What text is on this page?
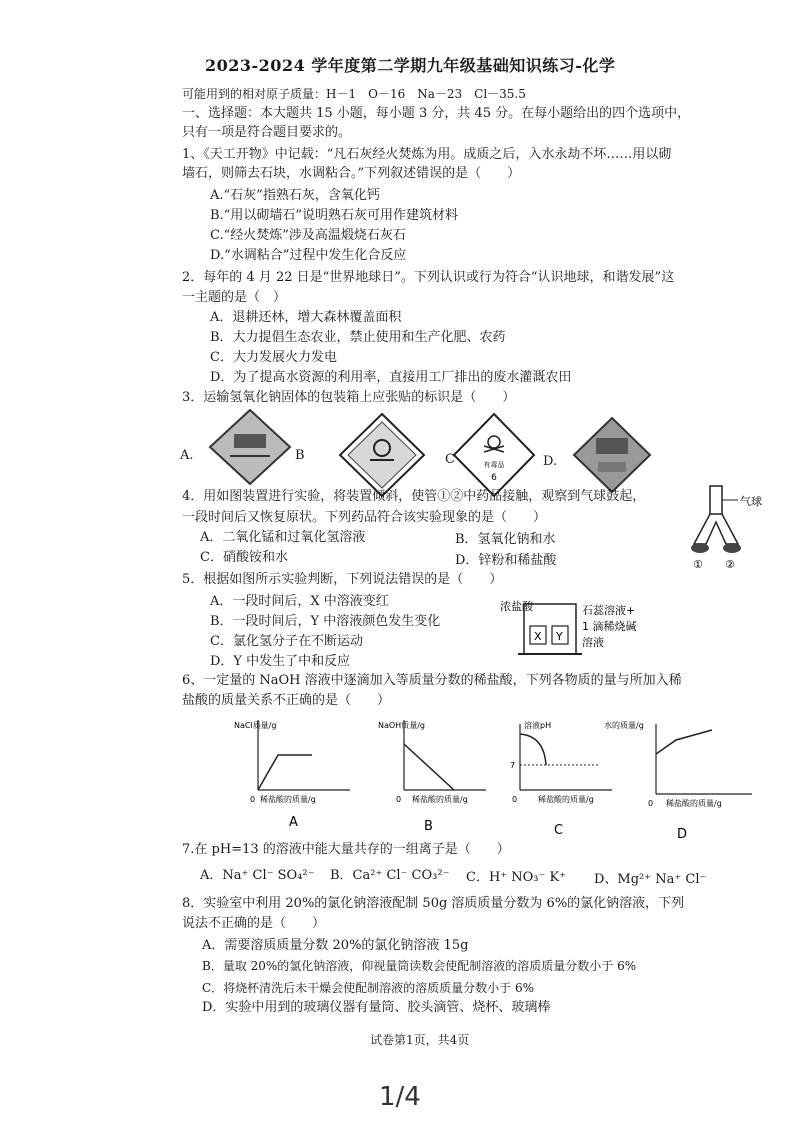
2023-2024 学年度第二学期九年级基础知识练习-化学
可能用到的相对原子质量：H－1　O－16　Na－23　Cl－35.5
一、选择题：本大题共 15 小题，每小题 3 分，共 45 分。在每小题给出的四个选项中，
只有一项是符合题目要求的。
1、《天工开物》中记载：“凡石灰经火焚炼为用。成质之后，入水永劫不坏……用以砌
墙石，则筛去石块，水调粘合。”下列叙述错误的是（　　）
A.“石灰”指熟石灰，含氧化钙
B.“用以砌墙石”说明熟石灰可用作建筑材料
C.“经火焚炼”涉及高温煅烧石灰石
D.“水调粘合”过程中发生化合反应
2．每年的 4 月 22 日是“世界地球日”。下列认识或行为符合“认识地球，和谐发展”这
一主题的是（　）
A．退耕还林，增大森林覆盖面积
B．大力提倡生态农业，禁止使用和生产化肥、农药
C．大力发展火力发电
D．为了提高水资源的利用率，直接用工厂排出的废水灌溉农田
3．运输氢氧化钠固体的包装箱上应张贴的标识是（　　）
A.	B	C	D.
有毒品
6
4．用如图装置进行实验，将装置倾斜，使管①②中药品接触，观察到气球鼓起，
一段时间后又恢复原状。下列药品符合该实验现象的是（　　）
A．二氧化锰和过氧化氢溶液	B．氢氧化钠和水
C．硝酸铵和水	D．锌粉和稀盐酸
气球
① ②
5．根据如图所示实验判断，下列说法错误的是（　　）
A．一段时间后，X 中溶液变红
B．一段时间后，Y 中溶液颜色发生变化
C．氯化氢分子在不断运动
D．Y 中发生了中和反应
浓盐酸
X Y
石蕊溶液+
1 滴稀烧碱
溶液
6、一定量的 NaOH 溶液中逐滴加入等质量分数的稀盐酸，下列各物质的量与所加入稀
盐酸的质量关系不正确的是（　　）
NaCl质量/g
稀盐酸的质量/g
0
A
NaOH质量/g
稀盐酸的质量/g
0
B
7
溶液pH
稀盐酸的质量/g
0
C
水的质量/g
稀盐酸的质量/g
0
D
7.在 pH=13 的溶液中能大量共存的一组离子是（　　）
A．Na⁺ Cl⁻ SO₄²⁻ B．Ca²⁺ Cl⁻ CO₃²⁻ C．H⁺ NO₃⁻ K⁺ D、Mg²⁺ Na⁺ Cl⁻
8．实验室中利用 20%的氯化钠溶液配制 50g 溶质质量分数为 6%的氯化钠溶液，下列
说法不正确的是（　　）
A．需要溶质质量分数 20%的氯化钠溶液 15g
B．量取 20%的氯化钠溶液，仰视量筒读数会使配制溶液的溶质质量分数小于 6%
C．将烧杯清洗后未干燥会使配制溶液的溶质质量分数小于 6%
D．实验中用到的玻璃仪器有量筒、胶头滴管、烧杯、玻璃棒
试卷第1页，共4页
1/4
